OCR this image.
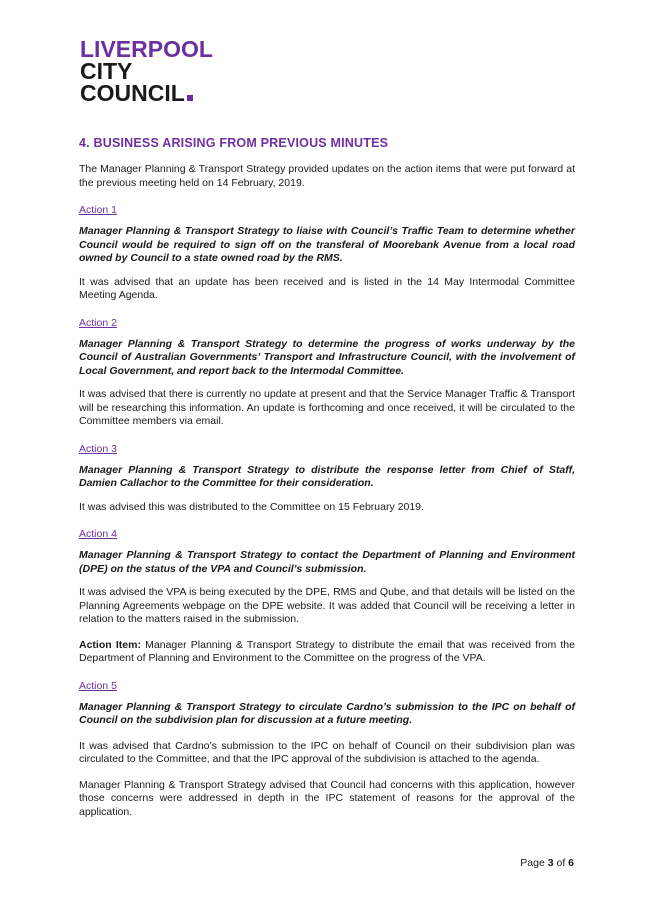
LIVERPOOL
CITY
COUNCIL
4. BUSINESS ARISING FROM PREVIOUS MINUTES

The Manager Planning & Transport Strategy provided updates on the action items that were put forward at the previous meeting held on 14 February, 2019.

Action 1

Manager Planning & Transport Strategy to liaise with Council’s Traffic Team to determine whether Council would be required to sign off on the transferal of Moorebank Avenue from a local road owned by Council to a state owned road by the RMS.

It was advised that an update has been received and is listed in the 14 May Intermodal Committee Meeting Agenda.

Action 2

Manager Planning & Transport Strategy to determine the progress of works underway by the Council of Australian Governments’ Transport and Infrastructure Council, with the involvement of Local Government, and report back to the Intermodal Committee.

It was advised that there is currently no update at present and that the Service Manager Traffic & Transport will be researching this information. An update is forthcoming and once received, it will be circulated to the Committee members via email.

Action 3

Manager Planning & Transport Strategy to distribute the response letter from Chief of Staff, Damien Callachor to the Committee for their consideration.

It was advised this was distributed to the Committee on 15 February 2019.

Action 4

Manager Planning & Transport Strategy to contact the Department of Planning and Environment (DPE) on the status of the VPA and Council’s submission.

It was advised the VPA is being executed by the DPE, RMS and Qube, and that details will be listed on the Planning Agreements webpage on the DPE website. It was added that Council will be receiving a letter in relation to the matters raised in the submission.

Action Item: Manager Planning & Transport Strategy to distribute the email that was received from the Department of Planning and Environment to the Committee on the progress of the VPA.

Action 5

Manager Planning & Transport Strategy to circulate Cardno’s submission to the IPC on behalf of Council on the subdivision plan for discussion at a future meeting.

It was advised that Cardno’s submission to the IPC on behalf of Council on their subdivision plan was circulated to the Committee, and that the IPC approval of the subdivision is attached to the agenda.

Manager Planning & Transport Strategy advised that Council had concerns with this application, however those concerns were addressed in depth in the IPC statement of reasons for the approval of the application.

Page 3 of 6
